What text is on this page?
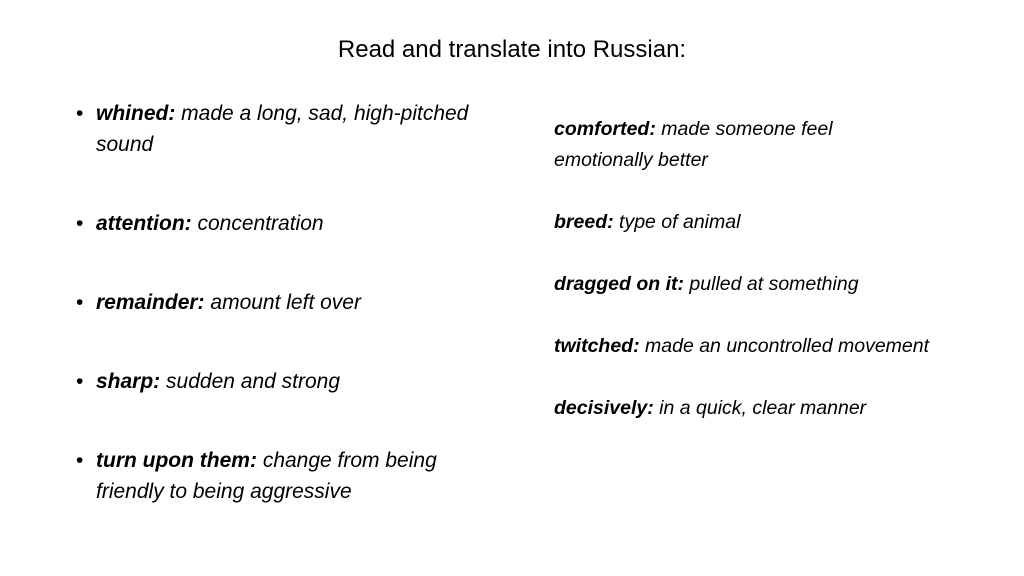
Read and translate into Russian:
• whined: made a long, sad, high-pitched sound
• attention: concentration
• remainder: amount left over
• sharp: sudden and strong
• turn upon them: change from being friendly to being aggressive
comforted: made someone feel emotionally better
breed: type of animal
dragged on it: pulled at something
twitched: made an uncontrolled movement
decisively: in a quick, clear manner
